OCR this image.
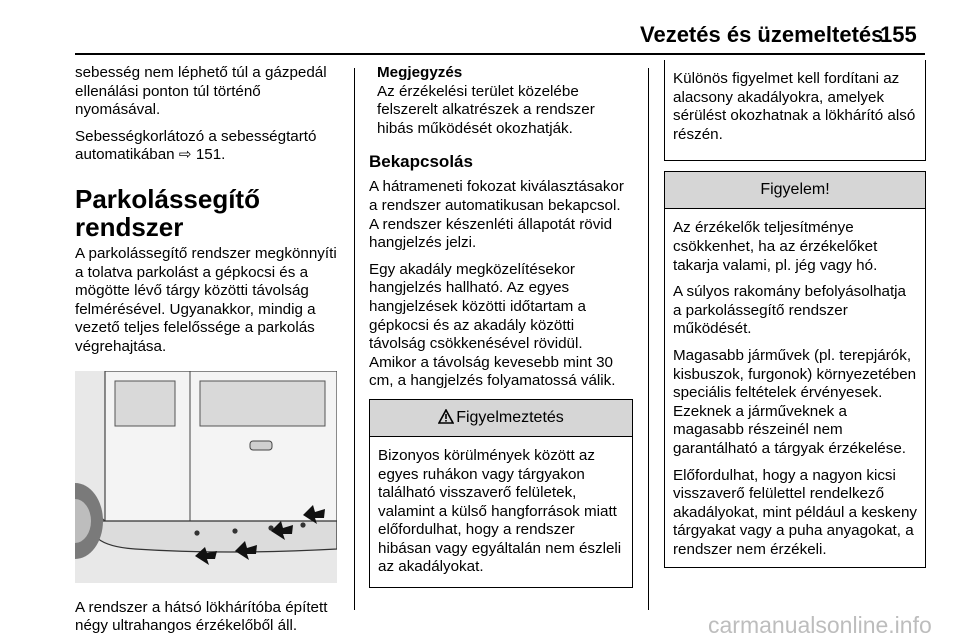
Vezetés és üzemeltetés
155

sebesség nem léphető túl a gázpedál ellenálási ponton túl történő nyomásával.

Sebességkorlátozó a sebességtartó automatikában ⇨ 151.

Parkolássegítő rendszer

A parkolássegítő rendszer megkönnyíti a tolatva parkolást a gépkocsi és a mögötte lévő tárgy közötti távolság felmérésével. Ugyanakkor, mindig a vezető teljes felelőssége a parkolás végrehajtása.

A rendszer a hátsó lökhárítóba épített négy ultrahangos érzékelőből áll.

Megjegyzés
Az érzékelési terület közelébe felszerelt alkatrészek a rendszer hibás működését okozhatják.
Bekapcsolás

A hátrameneti fokozat kiválasztásakor a rendszer automatikusan bekapcsol. A rendszer készenléti állapotát rövid hangjelzés jelzi.

Egy akadály megközelítésekor hangjelzés hallható. Az egyes hangjelzések közötti időtartam a gépkocsi és az akadály közötti távolság csökkenésével rövidül. Amikor a távolság kevesebb mint 30 cm, a hangjelzés folyamatossá válik.

Figyelmeztetés

Bizonyos körülmények között az egyes ruhákon vagy tárgyakon található visszaverő felületek, valamint a külső hangforrások miatt előfordulhat, hogy a rendszer hibásan vagy egyáltalán nem észleli az akadályokat.

Különös figyelmet kell fordítani az alacsony akadályokra, amelyek sérülést okozhatnak a lökhárító alsó részén.

Figyelem!

Az érzékelők teljesítménye csökkenhet, ha az érzékelőket takarja valami, pl. jég vagy hó.

A súlyos rakomány befolyásolhatja a parkolássegítő rendszer működését.

Magasabb járművek (pl. terepjárók, kisbuszok, furgonok) környezetében speciális feltételek érvényesek. Ezeknek a járműveknek a magasabb részeinél nem garantálható a tárgyak érzékelése.

Előfordulhat, hogy a nagyon kicsi visszaverő felülettel rendelkező akadályokat, mint például a keskeny tárgyakat vagy a puha anyagokat, a rendszer nem érzékeli.

carmanualsonline.info
